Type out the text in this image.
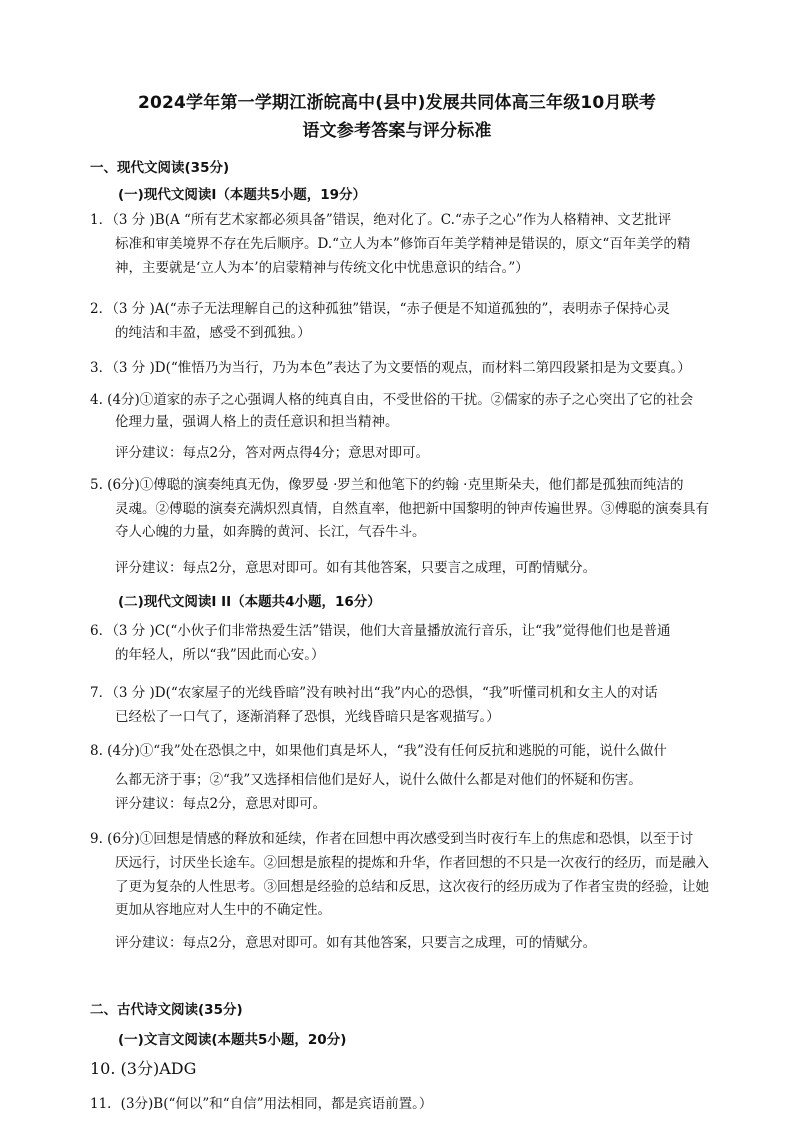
2024学年第一学期江浙皖高中(县中)发展共同体高三年级10月联考
语文参考答案与评分标准
一、现代文阅读(35分)
(一)现代文阅读I（本题共5小题，19分）
1．（3 分 )B(A “所有艺术家都必须具备”错误，绝对化了。C.“赤子之心”作为人格精神、文艺批评
标准和审美境界不存在先后顺序。D.“立人为本”修饰百年美学精神是错误的，原文“百年美学的精
神，主要就是‘立人为本’的启蒙精神与传统文化中忧患意识的结合。”）
2．（3 分 )A(“赤子无法理解自己的这种孤独”错误，“赤子便是不知道孤独的”，表明赤子保持心灵
的纯洁和丰盈，感受不到孤独。）
3．（3 分 )D(“惟悟乃为当行，乃为本色”表达了为文要悟的观点，而材料二第四段紧扣是为文要真。）
4. (4分)①道家的赤子之心强调人格的纯真自由，不受世俗的干扰。②儒家的赤子之心突出了它的社会
伦理力量，强调人格上的责任意识和担当精神。
评分建议：每点2分，答对两点得4分；意思对即可。
5. (6分)①傅聪的演奏纯真无伪，像罗曼 ·罗兰和他笔下的约翰 ·克里斯朵夫，他们都是孤独而纯洁的
灵魂。②傅聪的演奏充满炽烈真情，自然直率，他把新中国黎明的钟声传遍世界。③傅聪的演奏具有
夺人心魄的力量，如奔腾的黄河、长江，气吞牛斗。
评分建议：每点2分，意思对即可。如有其他答案，只要言之成理，可酌情赋分。
(二)现代文阅读I II（本题共4小题，16分）
6．（3 分 )C(“小伙子们非常热爱生活”错误，他们大音量播放流行音乐，让“我”觉得他们也是普通
的年轻人，所以“我”因此而心安。）
7．（3 分 )D(“农家屋子的光线昏暗”没有映衬出“我”内心的恐惧，“我”听懂司机和女主人的对话
已经松了一口气了，逐渐消释了恐惧，光线昏暗只是客观描写。）
8. (4分)①“我”处在恐惧之中，如果他们真是坏人，“我”没有任何反抗和逃脱的可能，说什么做什
么都无济于事；②“我”又选择相信他们是好人，说什么做什么都是对他们的怀疑和伤害。
评分建议：每点2分，意思对即可。
9. (6分)①回想是情感的释放和延续，作者在回想中再次感受到当时夜行车上的焦虑和恐惧，以至于讨
厌远行，讨厌坐长途车。②回想是旅程的提炼和升华，作者回想的不只是一次夜行的经历，而是融入
了更为复杂的人性思考。③回想是经验的总结和反思，这次夜行的经历成为了作者宝贵的经验，让她
更加从容地应对人生中的不确定性。
评分建议：每点2分，意思对即可。如有其他答案，只要言之成理，可的情赋分。
二、古代诗文阅读(35分)
(一)文言文阅读(本题共5小题，20分)
10. (3分)ADG
11．(3分)B(“何以”和“自信”用法相同，都是宾语前置。）
